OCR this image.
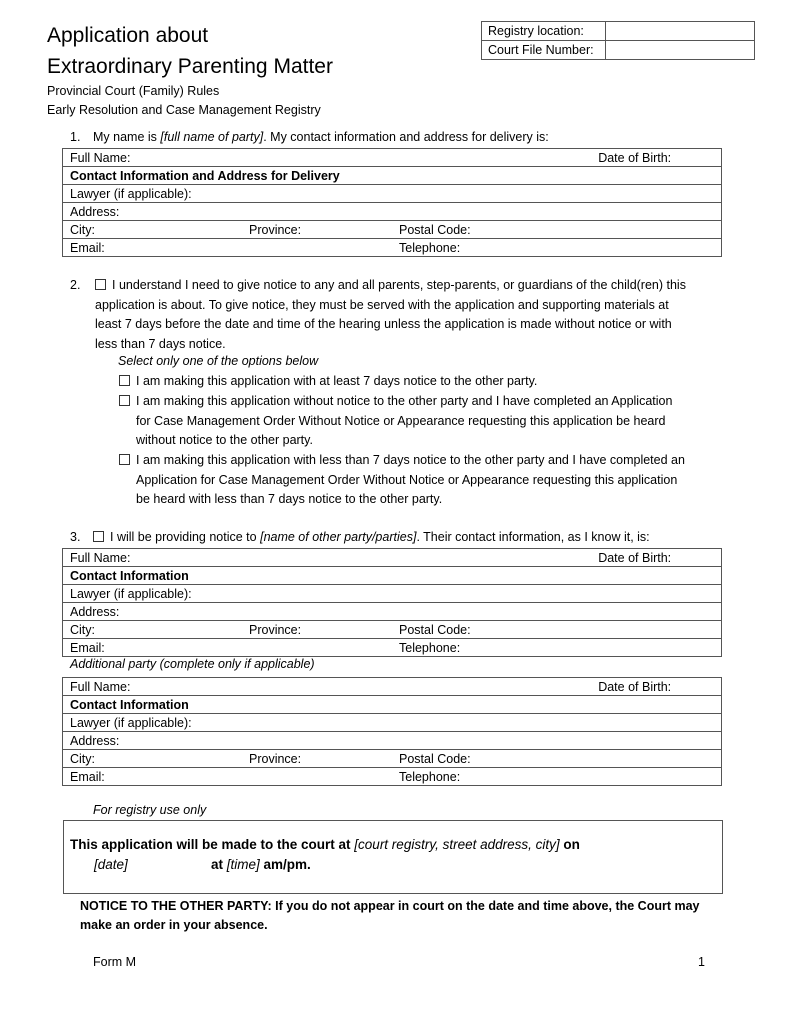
Application about
Extraordinary Parenting Matter
Provincial Court (Family) Rules
Early Resolution and Case Management Registry
Registry location:	
Court File Number:	
1. My name is [full name of party]. My contact information and address for delivery is:
Full Name:			Date of Birth:
Contact Information and Address for Delivery			
Lawyer (if applicable):			
Address:			
City:	Province:	Postal Code:	
Email:		Telephone:	
2.	I understand I need to give notice to any and all parents, step-parents, or guardians of the child(ren) this
application is about. To give notice, they must be served with the application and supporting materials at
least 7 days before the date and time of the hearing unless the application is made without notice or with
less than 7 days notice.
Select only one of the options below
I am making this application with at least 7 days notice to the other party.
I am making this application without notice to the other party and I have completed an Application
for Case Management Order Without Notice or Appearance requesting this application be heard
without notice to the other party.
I am making this application with less than 7 days notice to the other party and I have completed an
Application for Case Management Order Without Notice or Appearance requesting this application
be heard with less than 7 days notice to the other party.
3. I will be providing notice to [name of other party/parties]. Their contact information, as I know it, is:
Full Name:			Date of Birth:
Contact Information			
Lawyer (if applicable):			
Address:			
City:	Province:	Postal Code:	
Email:		Telephone:	
Additional party (complete only if applicable)
Full Name:			Date of Birth:
Contact Information			
Lawyer (if applicable):			
Address:			
City:	Province:	Postal Code:	
Email:		Telephone:	
For registry use only
This application will be made to the court at [court registry, street address, city] on
[date]	at [time] am/pm.
NOTICE TO THE OTHER PARTY: If you do not appear in court on the date and time above, the Court may
make an order in your absence.
Form M	1
